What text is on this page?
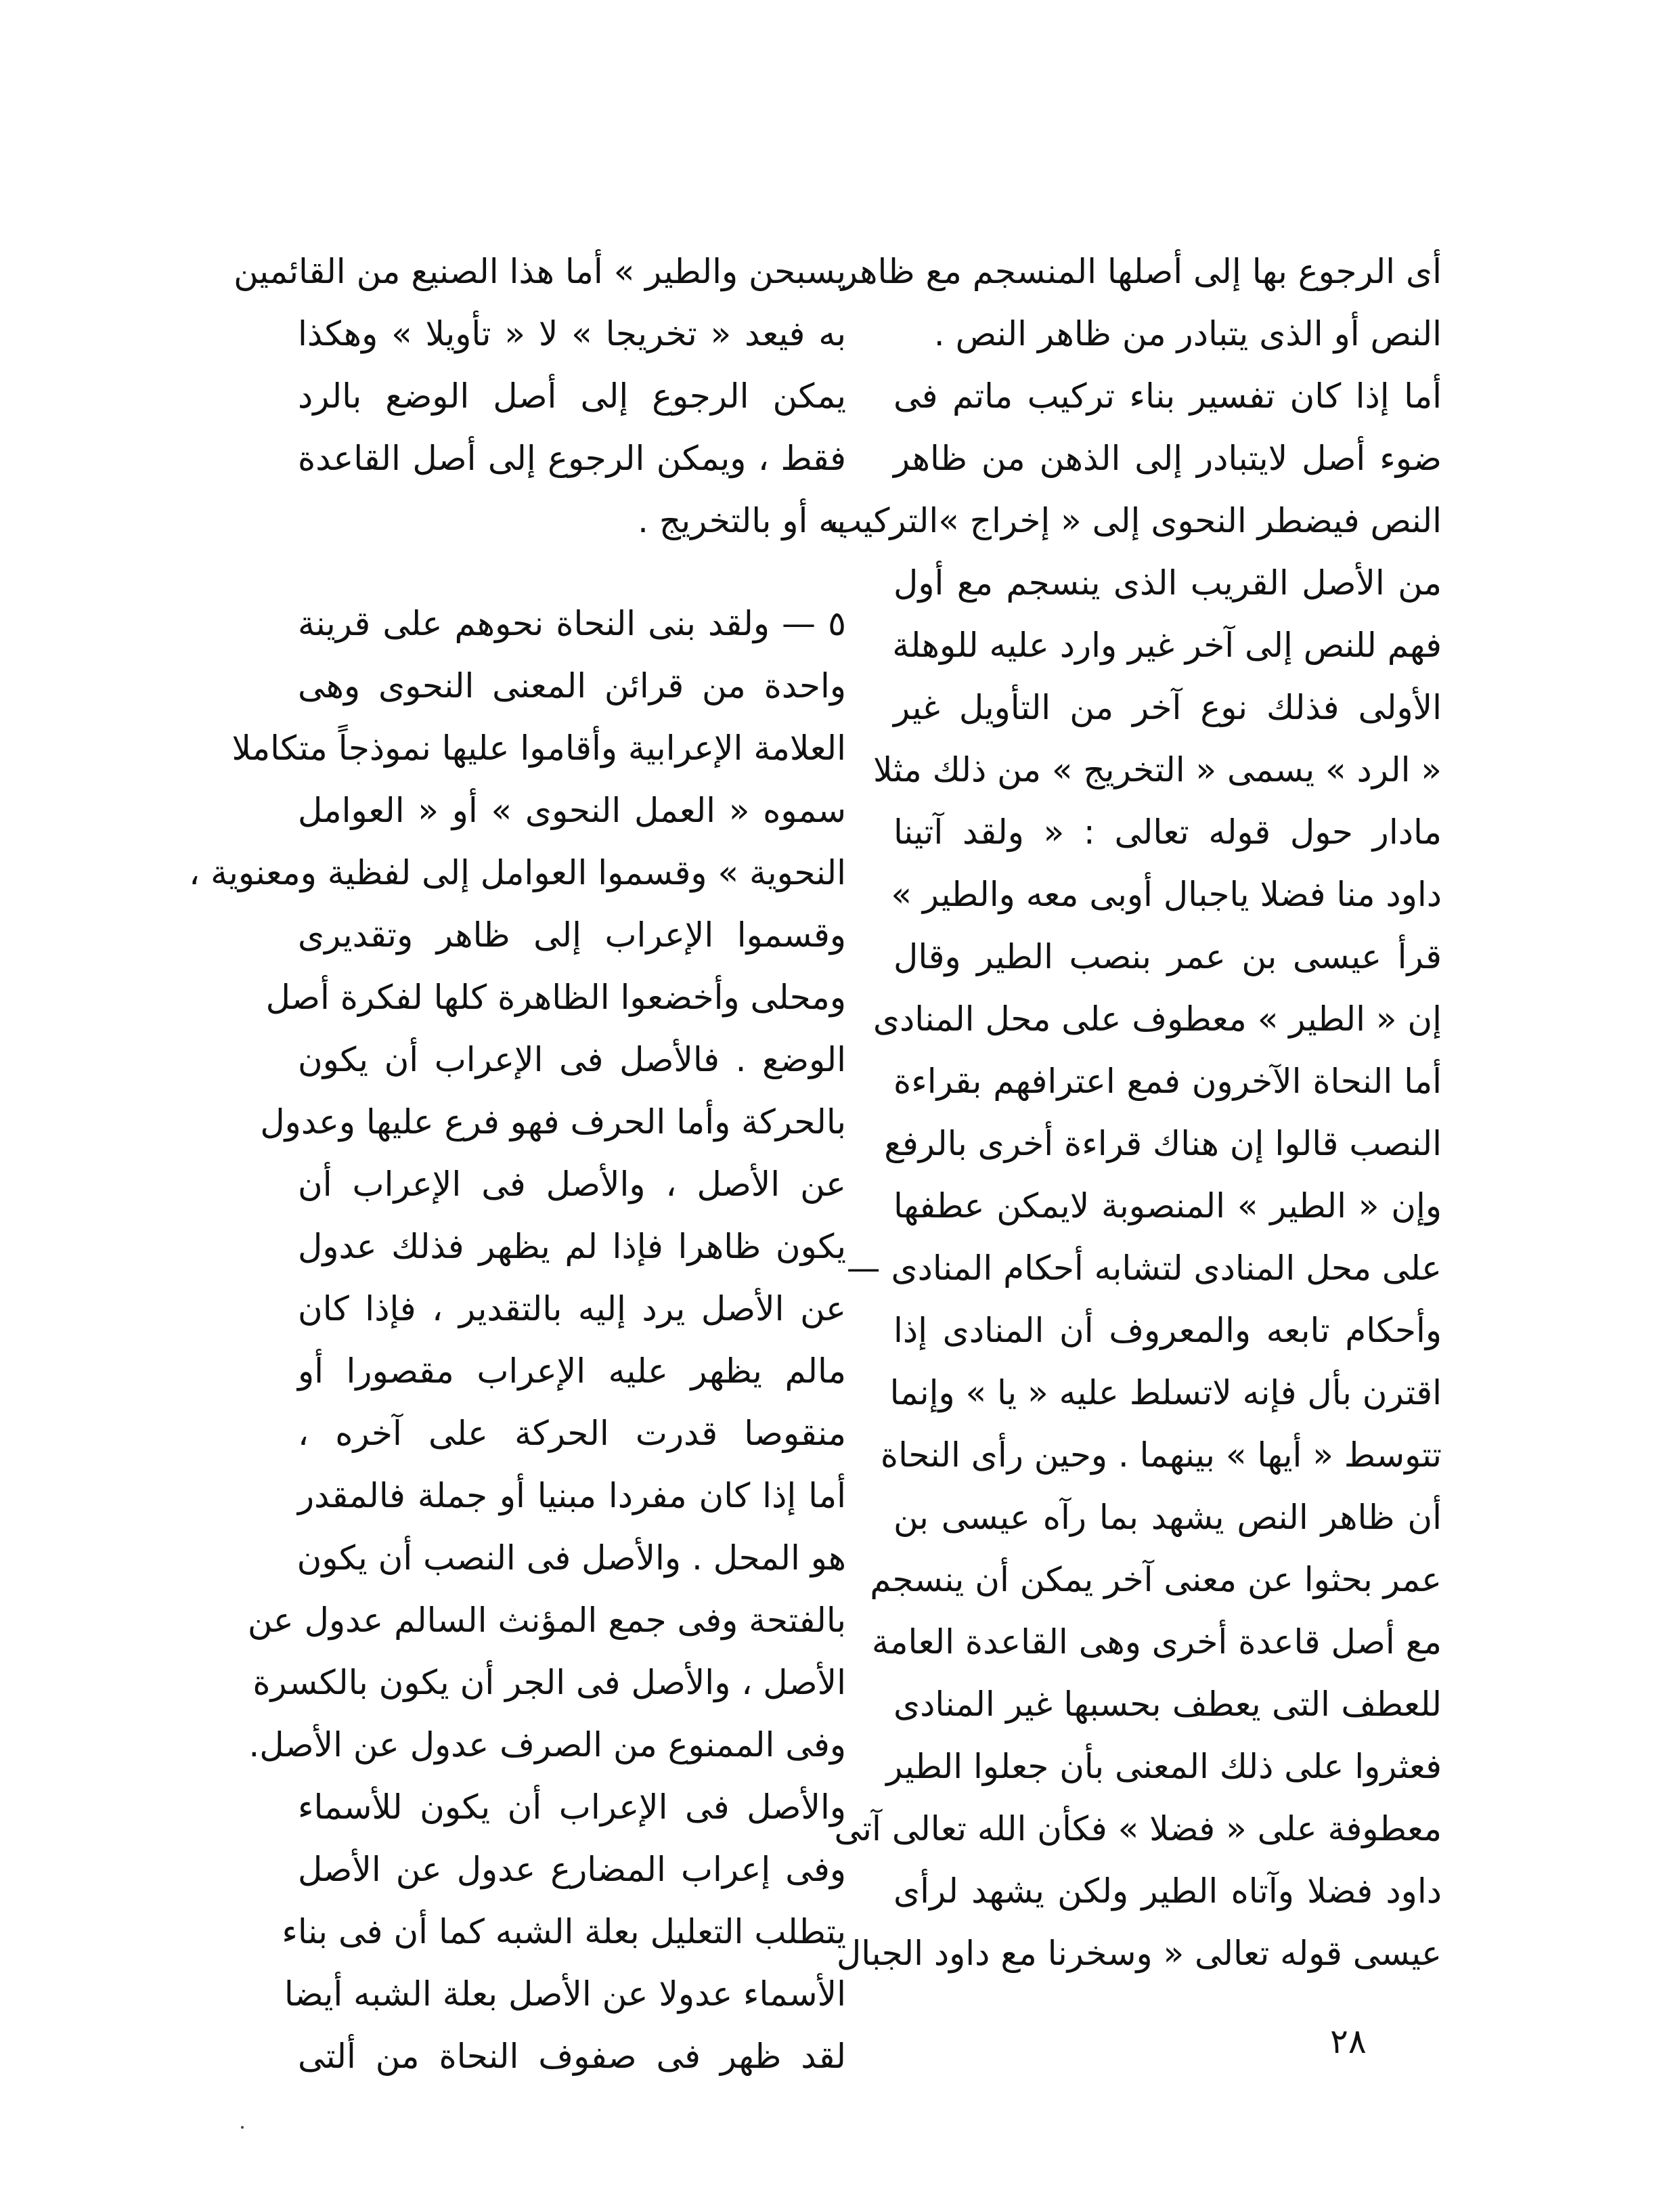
أى الرجوع بها إلى أصلها المنسجم مع ظاهر
النص أو الذى يتبادر من ظاهر النص .
أما إذا كان تفسير بناء تركيب ماتم فى
ضوء أصل لايتبادر إلى الذهن من ظاهر
النص فيضطر النحوى إلى « إخراج »التركيب
من الأصل القريب الذى ينسجم مع أول
فهم للنص إلى آخر غير وارد عليه للوهلة
الأولى فذلك نوع آخر من التأويل غير
« الرد » يسمى « التخريج » من ذلك مثلا
مادار حول قوله تعالى : « ولقد آتينا
داود منا فضلا ياجبال أوبى معه والطير »
قرأ عيسى بن عمر بنصب الطير وقال
إن « الطير » معطوف على محل المنادى
أما النحاة الآخرون فمع اعترافهم بقراءة
النصب قالوا إن هناك قراءة أخرى بالرفع
وإن « الطير » المنصوبة لايمكن عطفها
على محل المنادى لتشابه أحكام المنادى —
وأحكام تابعه والمعروف أن المنادى إذا
اقترن بأل فإنه لاتسلط عليه « يا » وإنما
تتوسط « أيها » بينهما . وحين رأى النحاة
أن ظاهر النص يشهد بما رآه عيسى بن
عمر بحثوا عن معنى آخر يمكن أن ينسجم
مع أصل قاعدة أخرى وهى القاعدة العامة
للعطف التى يعطف بحسبها غير المنادى
فعثروا على ذلك المعنى بأن جعلوا الطير
معطوفة على « فضلا » فكأن الله تعالى آتى
داود فضلا وآتاه الطير ولكن يشهد لرأى
عيسى قوله تعالى « وسخرنا مع داود الجبال
يسبحن والطير » أما هذا الصنيع من القائمين
به فيعد « تخريجا » لا « تأويلا » وهكذا
يمكن الرجوع إلى أصل الوضع بالرد
فقط ، ويمكن الرجوع إلى أصل القاعدة
به أو بالتخريج .
٥ — ولقد بنى النحاة نحوهم على قرينة
واحدة من قرائن المعنى النحوى وهى
العلامة الإعرابية وأقاموا عليها نموذجاً متكاملا
سموه « العمل النحوى » أو « العوامل
النحوية » وقسموا العوامل إلى لفظية ومعنوية ،
وقسموا الإعراب إلى ظاهر وتقديرى
ومحلى وأخضعوا الظاهرة كلها لفكرة أصل
الوضع . فالأصل فى الإعراب أن يكون
بالحركة وأما الحرف فهو فرع عليها وعدول
عن الأصل ، والأصل فى الإعراب أن
يكون ظاهرا فإذا لم يظهر فذلك عدول
عن الأصل يرد إليه بالتقدير ، فإذا كان
مالم يظهر عليه الإعراب مقصورا أو
منقوصا قدرت الحركة على آخره ،
أما إذا كان مفردا مبنيا أو جملة فالمقدر
هو المحل . والأصل فى النصب أن يكون
بالفتحة وفى جمع المؤنث السالم عدول عن
الأصل ، والأصل فى الجر أن يكون بالكسرة
وفى الممنوع من الصرف عدول عن الأصل.
والأصل فى الإعراب أن يكون للأسماء
وفى إعراب المضارع عدول عن الأصل
يتطلب التعليل بعلة الشبه كما أن فى بناء
الأسماء عدولا عن الأصل بعلة الشبه أيضا
لقد ظهر فى صفوف النحاة من ألتى	٢٨
